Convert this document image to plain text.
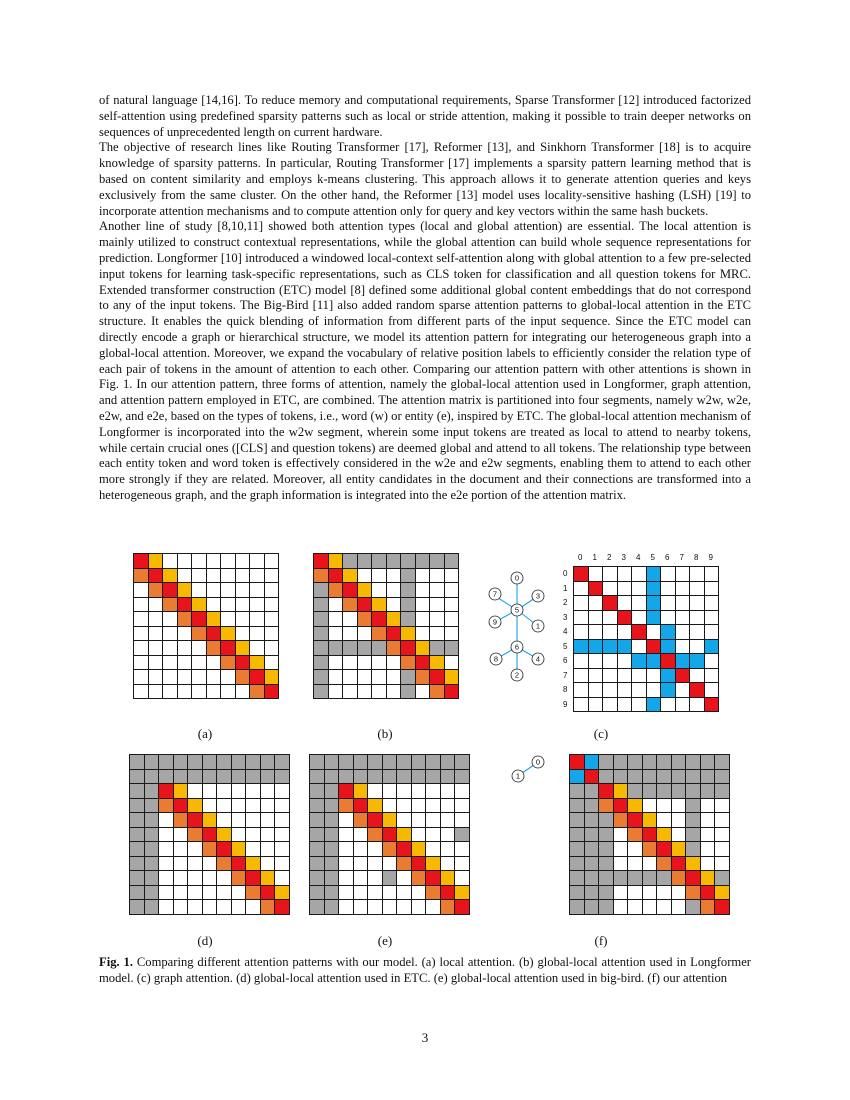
of natural language [14,16]. To reduce memory and computational requirements, Sparse Transformer [12] introduced factorized self-attention using predefined sparsity patterns such as local or stride attention, making it possible to train deeper networks on sequences of unprecedented length on current hardware.

The objective of research lines like Routing Transformer [17], Reformer [13], and Sinkhorn Transformer [18] is to acquire knowledge of sparsity patterns. In particular, Routing Transformer [17] implements a sparsity pattern learning method that is based on content similarity and employs k-means clustering. This approach allows it to generate attention queries and keys exclusively from the same cluster. On the other hand, the Reformer [13] model uses locality-sensitive hashing (LSH) [19] to incorporate attention mechanisms and to compute attention only for query and key vectors within the same hash buckets.

Another line of study [8,10,11] showed both attention types (local and global attention) are essential. The local attention is mainly utilized to construct contextual representations, while the global attention can build whole sequence representations for prediction. Longformer [10] introduced a windowed local-context self-attention along with global attention to a few pre-selected input tokens for learning task-specific representations, such as CLS token for classification and all question tokens for MRC. Extended transformer construction (ETC) model [8] defined some additional global content embeddings that do not correspond to any of the input tokens. The Big-Bird [11] also added random sparse attention patterns to global-local attention in the ETC structure. It enables the quick blending of information from different parts of the input sequence. Since the ETC model can directly encode a graph or hierarchical structure, we model its attention pattern for integrating our heterogeneous graph into a global-local attention. Moreover, we expand the vocabulary of relative position labels to efficiently consider the relation type of each pair of tokens in the amount of attention to each other. Comparing our attention pattern with other attentions is shown in Fig. 1. In our attention pattern, three forms of attention, namely the global-local attention used in Longformer, graph attention, and attention pattern employed in ETC, are combined. The attention matrix is partitioned into four segments, namely w2w, w2e, e2w, and e2e, based on the types of tokens, i.e., word (w) or entity (e), inspired by ETC. The global-local attention mechanism of Longformer is incorporated into the w2w segment, wherein some input tokens are treated as local to attend to nearby tokens, while certain crucial ones ([CLS] and question tokens) are deemed global and attend to all tokens. The relationship type between each entity token and word token is effectively considered in the w2e and e2w segments, enabling them to attend to each other more strongly if they are related. Moreover, all entity candidates in the document and their connections are transformed into a heterogeneous graph, and the graph information is integrated into the e2e portion of the attention matrix.

0 1 2 3 4 5 6 7 8 9
0
1
2
3
4
5
6
7
8
9
0
7	3
5
9	1
6
8	4
2
0
1
(a)	(b)	(c)
(d)	(e)	(f)
Fig. 1. Comparing different attention patterns with our model. (a) local attention. (b) global-local attention used in Longformer model. (c) graph attention. (d) global-local attention used in ETC. (e) global-local attention used in big-bird. (f) our attention
3
